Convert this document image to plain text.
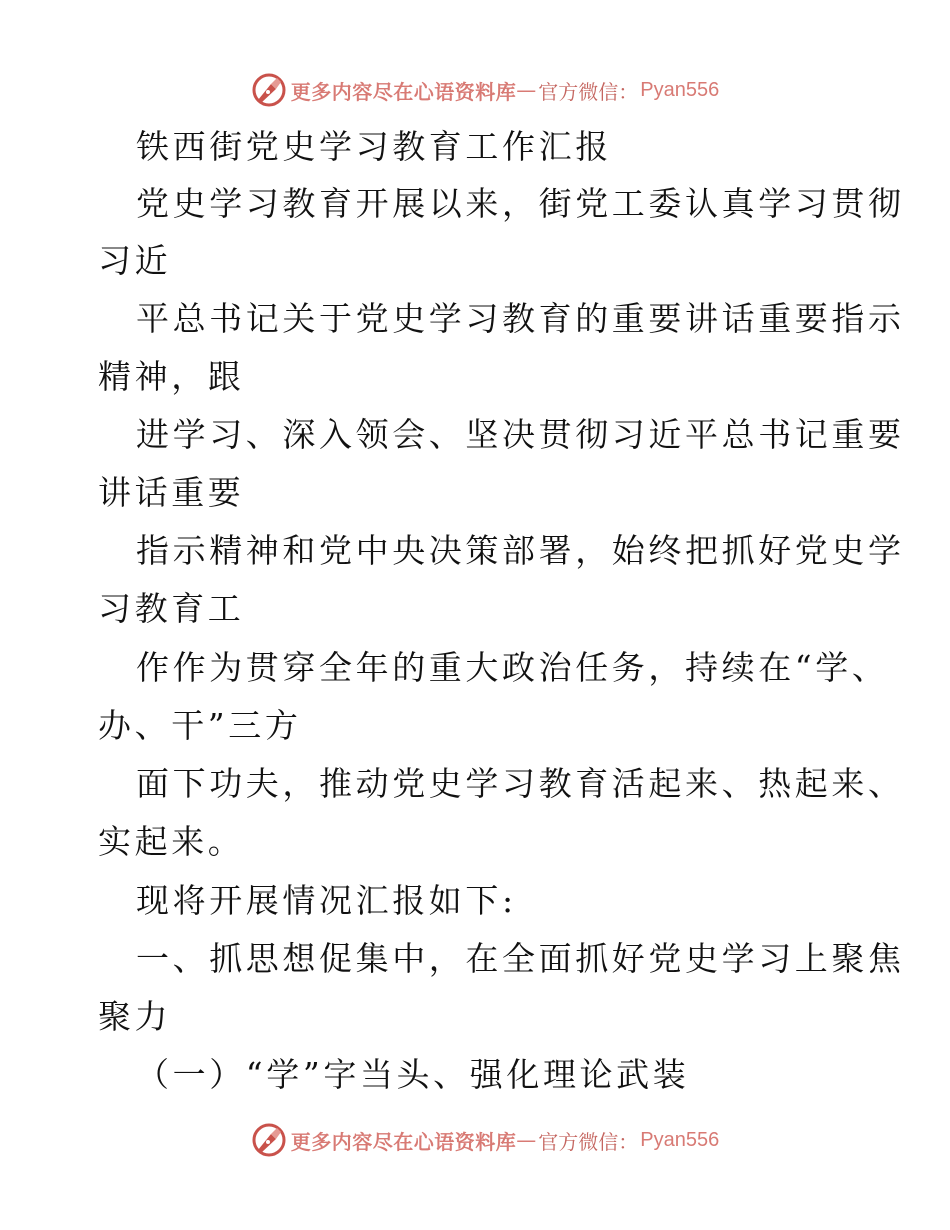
更多内容尽在心语资料库 — 官方微信： Pyan556
铁西街党史学习教育工作汇报
党史学习教育开展以来，街党工委认真学习贯彻
习近
平总书记关于党史学习教育的重要讲话重要指示
精神，跟
进学习、深入领会、坚决贯彻习近平总书记重要
讲话重要
指示精神和党中央决策部署，始终把抓好党史学
习教育工
作作为贯穿全年的重大政治任务，持续在“学、
办、干”三方
面下功夫，推动党史学习教育活起来、热起来、
实起来。
现将开展情况汇报如下:
一、抓思想促集中，在全面抓好党史学习上聚焦
聚力
（一）“学”字当头、强化理论武装
更多内容尽在心语资料库 — 官方微信： Pyan556
